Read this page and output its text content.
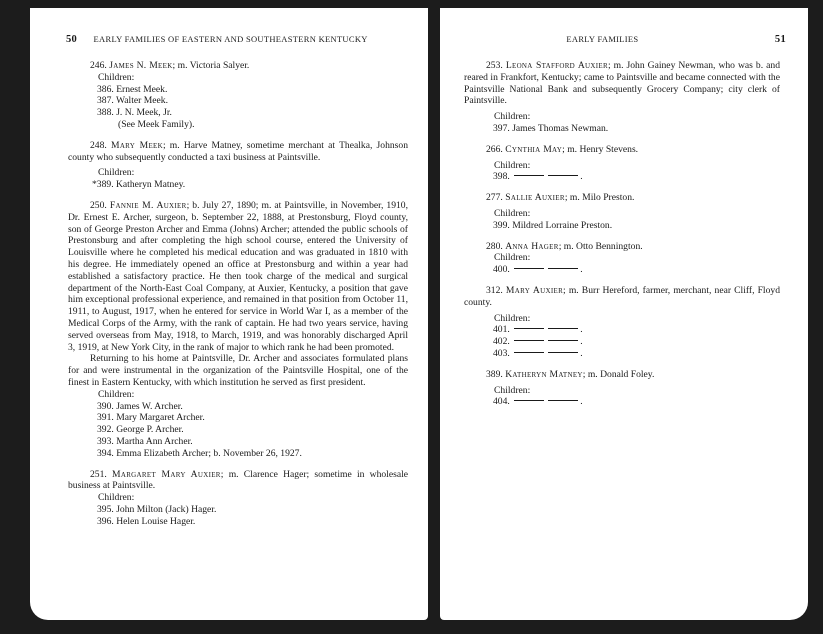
50 EARLY FAMILIES OF EASTERN AND SOUTHEASTERN KENTUCKY

246. James N. Meek; m. Victoria Salyer.

Children:

386. Ernest Meek.

387. Walter Meek.

388. J. N. Meek, Jr.

(See Meek Family).

248. Mary Meek; m. Harve Matney, sometime merchant at Thealka, Johnson county who subsequently conducted a taxi business at Paintsville.

Children:

*389. Katheryn Matney.

250. Fannie M. Auxier; b. July 27, 1890; m. at Paintsville, in November, 1910, Dr. Ernest E. Archer, surgeon, b. September 22, 1888, at Prestonsburg, Floyd county, son of George Preston Archer and Emma (Johns) Archer; attended the public schools of Prestonsburg and after completing the high school course, entered the University of Louisville where he completed his medical education and was graduated in 1810 with his degree. He immediately opened an office at Prestonsburg and within a year had established a satisfactory practice. He then took charge of the medical and surgical department of the North-East Coal Company, at Auxier, Kentucky, a position that gave him exceptional professional experience, and remained in that position from October 11, 1911, to August, 1917, when he entered for service in World War I, as a member of the Medical Corps of the Army, with the rank of captain. He had two years service, having served overseas from May, 1918, to March, 1919, and was honorably discharged April 3, 1919, at New York City, in the rank of major to which rank he had been promoted.

Returning to his home at Paintsville, Dr. Archer and associates formulated plans for and were instrumental in the organization of the Paintsville Hospital, one of the finest in Eastern Kentucky, with which institution he served as first president.

Children:

390. James W. Archer.

391. Mary Margaret Archer.

392. George P. Archer.

393. Martha Ann Archer.

394. Emma Elizabeth Archer; b. November 26, 1927.

251. Margaret Mary Auxier; m. Clarence Hager; sometime in wholesale business at Paintsville.

Children:

395. John Milton (Jack) Hager.

396. Helen Louise Hager.

EARLY FAMILIES	51

253. Leona Stafford Auxier; m. John Gainey Newman, who was b. and reared in Frankfort, Kentucky; came to Paintsville and became connected with the Paintsville National Bank and subsequently Grocery Company; city clerk of Paintsville.

Children:

397. James Thomas Newman.

266. Cynthia May; m. Henry Stevens.

Children:

398.	.

277. Sallie Auxier; m. Milo Preston.

Children:

399. Mildred Lorraine Preston.

280. Anna Hager; m. Otto Bennington.

Children:

400.	.

312. Mary Auxier; m. Burr Hereford, farmer, merchant, near Cliff, Floyd county.

Children:

401.	.

402.	.

403.	.

389. Katheryn Matney; m. Donald Foley.

Children:

404.	.
